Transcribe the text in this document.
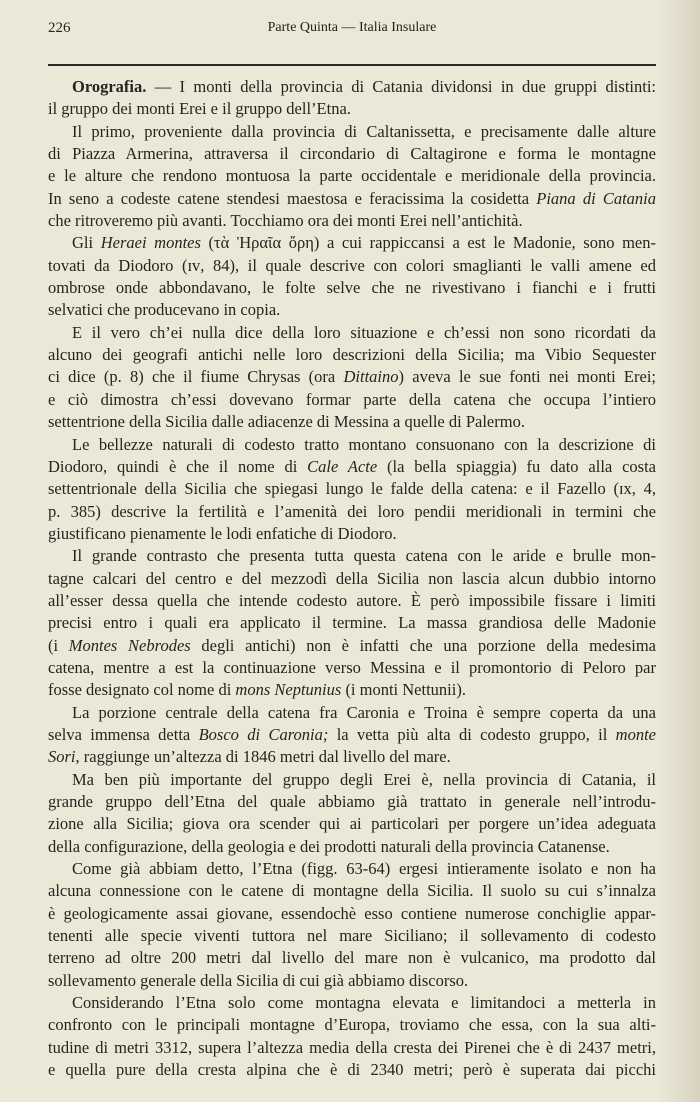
226	Parte Quinta — Italia Insulare
Orografia. — I monti della provincia di Catania dividonsi in due gruppi distinti:
il gruppo dei monti Erei e il gruppo dell’Etna.
Il primo, proveniente dalla provincia di Caltanissetta, e precisamente dalle alture
di Piazza Armerina, attraversa il circondario di Caltagirone e forma le montagne
e le alture che rendono montuosa la parte occidentale e meridionale della provincia.
In seno a codeste catene stendesi maestosa e feracissima la cosidetta Piana di Catania
che ritroveremo più avanti. Tocchiamo ora dei monti Erei nell’antichità.
Gli Heraei montes (τὰ Ἡραῖα ὄρη) a cui rappiccansi a est le Madonie, sono men-
tovati da Diodoro (ɪᴠ, 84), il quale descrive con colori smaglianti le valli amene ed
ombrose onde abbondavano, le folte selve che ne rivestivano i fianchi e i frutti
selvatici che producevano in copia.
E il vero ch’ei nulla dice della loro situazione e ch’essi non sono ricordati da
alcuno dei geografi antichi nelle loro descrizioni della Sicilia; ma Vibio Sequester
ci dice (p. 8) che il fiume Chrysas (ora Dittaino) aveva le sue fonti nei monti Erei;
e ciò dimostra ch’essi dovevano formar parte della catena che occupa l’intiero
settentrione della Sicilia dalle adiacenze di Messina a quelle di Palermo.
Le bellezze naturali di codesto tratto montano consuonano con la descrizione di
Diodoro, quindi è che il nome di Cale Acte (la bella spiaggia) fu dato alla costa
settentrionale della Sicilia che spiegasi lungo le falde della catena: e il Fazello (ɪx, 4,
p. 385) descrive la fertilità e l’amenità dei loro pendii meridionali in termini che
giustificano pienamente le lodi enfatiche di Diodoro.
Il grande contrasto che presenta tutta questa catena con le aride e brulle mon-
tagne calcari del centro e del mezzodì della Sicilia non lascia alcun dubbio intorno
all’esser dessa quella che intende codesto autore. È però impossibile fissare i limiti
precisi entro i quali era applicato il termine. La massa grandiosa delle Madonie
(i Montes Nebrodes degli antichi) non è infatti che una porzione della medesima
catena, mentre a est la continuazione verso Messina e il promontorio di Peloro par
fosse designato col nome di mons Neptunius (i monti Nettunii).
La porzione centrale della catena fra Caronia e Troina è sempre coperta da una
selva immensa detta Bosco di Caronia; la vetta più alta di codesto gruppo, il monte
Sori, raggiunge un’altezza di 1846 metri dal livello del mare.
Ma ben più importante del gruppo degli Erei è, nella provincia di Catania, il
grande gruppo dell’Etna del quale abbiamo già trattato in generale nell’introdu-
zione alla Sicilia; giova ora scender qui ai particolari per porgere un’idea adeguata
della configurazione, della geologia e dei prodotti naturali della provincia Catanense.
Come già abbiam detto, l’Etna (figg. 63-64) ergesi intieramente isolato e non ha
alcuna connessione con le catene di montagne della Sicilia. Il suolo su cui s’innalza
è geologicamente assai giovane, essendochè esso contiene numerose conchiglie appar-
tenenti alle specie viventi tuttora nel mare Siciliano; il sollevamento di codesto
terreno ad oltre 200 metri dal livello del mare non è vulcanico, ma prodotto dal
sollevamento generale della Sicilia di cui già abbiamo discorso.
Considerando l’Etna solo come montagna elevata e limitandoci a metterla in
confronto con le principali montagne d’Europa, troviamo che essa, con la sua alti-
tudine di metri 3312, supera l’altezza media della cresta dei Pirenei che è di 2437 metri,
e quella pure della cresta alpina che è di 2340 metri; però è superata dai picchi
